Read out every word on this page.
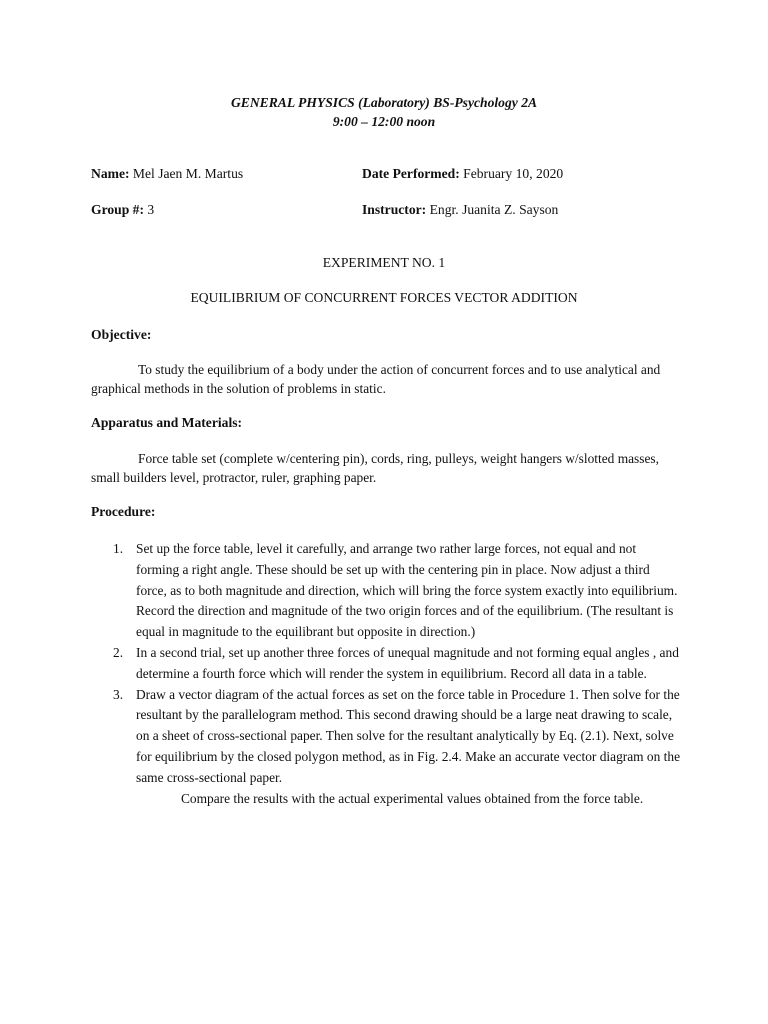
GENERAL PHYSICS (Laboratory) BS-Psychology 2A
9:00 – 12:00 noon
Name: Mel Jaen M. Martus	Date Performed: February 10, 2020
Group #: 3	Instructor: Engr. Juanita Z. Sayson
EXPERIMENT NO. 1
EQUILIBRIUM OF CONCURRENT FORCES VECTOR ADDITION
Objective:
To study the equilibrium of a body under the action of concurrent forces and to use analytical and graphical methods in the solution of problems in static.
Apparatus and Materials:
Force table set (complete w/centering pin), cords, ring, pulleys, weight hangers w/slotted masses, small builders level, protractor, ruler, graphing paper.
Procedure:
1. Set up the force table, level it carefully, and arrange two rather large forces, not equal and not forming a right angle. These should be set up with the centering pin in place. Now adjust a third force, as to both magnitude and direction, which will bring the force system exactly into equilibrium. Record the direction and magnitude of the two origin forces and of the equilibrium. (The resultant is equal in magnitude to the equilibrant but opposite in direction.)
2. In a second trial, set up another three forces of unequal magnitude and not forming equal angles , and determine a fourth force which will render the system in equilibrium. Record all data in a table.
3. Draw a vector diagram of the actual forces as set on the force table in Procedure 1. Then solve for the resultant by the parallelogram method. This second drawing should be a large neat drawing to scale, on a sheet of cross-sectional paper. Then solve for the resultant analytically by Eq. (2.1). Next, solve for equilibrium by the closed polygon method, as in Fig. 2.4. Make an accurate vector diagram on the same cross-sectional paper.
Compare the results with the actual experimental values obtained from the force table.
